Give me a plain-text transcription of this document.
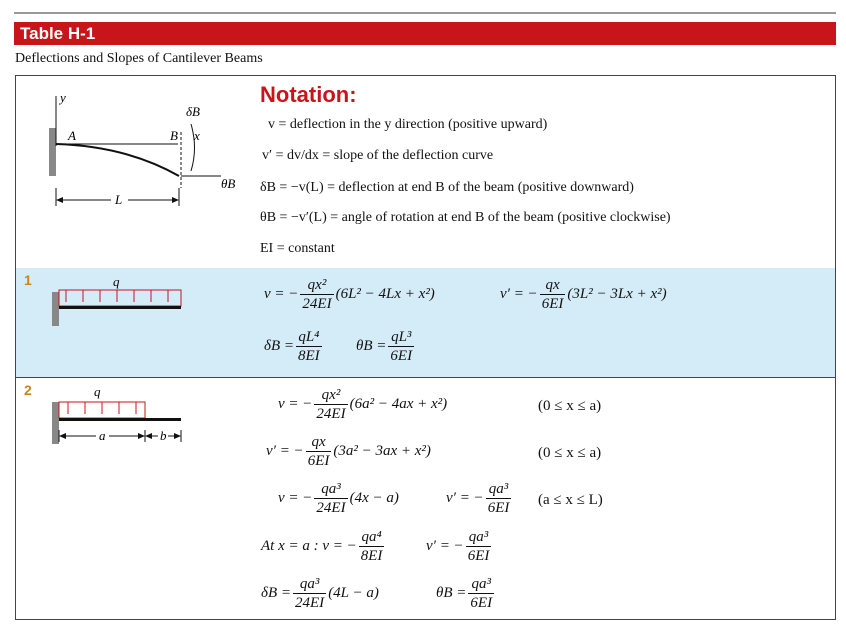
Table H-1
Deflections and Slopes of Cantilever Beams
y
A	B x
δB
θB
L
Notation:
v = deflection in the y direction (positive upward)
v′ = dv/dx = slope of the deflection curve
δB = −v(L) = deflection at end B of the beam (positive downward)
θB = −v′(L) = angle of rotation at end B of the beam (positive clockwise)
EI = constant
1	q
v = − $\frac{\text{qx²}}{24EI} (6L^2 - 4Lx + x^2)$	v′ = − $\frac{qx}{6EI} (3L^2 - 3Lx + x^2)$
$\delta B = \frac{\text{qL⁴}}{8EI}$ $\theta B = \frac{\text{qL³}}{6EI}$
2	q
a	b
v = − $\frac{\text{qx²}}{24EI} (6a^2 - 4ax + x^2)$	(0 ≤ x ≤ a)
v′ = − $\frac{qx}{6EI} (3a^2 - 3ax + x^2)$	(0 ≤ x ≤ a)
v = − $\frac{\text{qa³}}{24EI} (4x - a)$	v′ = − $\frac{\text{qa³}}{6EI} (a \le x \le L)$
At x = a : v = − $\frac{\text{qa⁴}}{8EI}$	v′ = − $\frac{\text{qa³}}{6EI}$
$\delta B = \frac{\text{qa³}}{24EI} (4L - a)$	$\theta B = \frac{\text{qa³}}{6EI}$
